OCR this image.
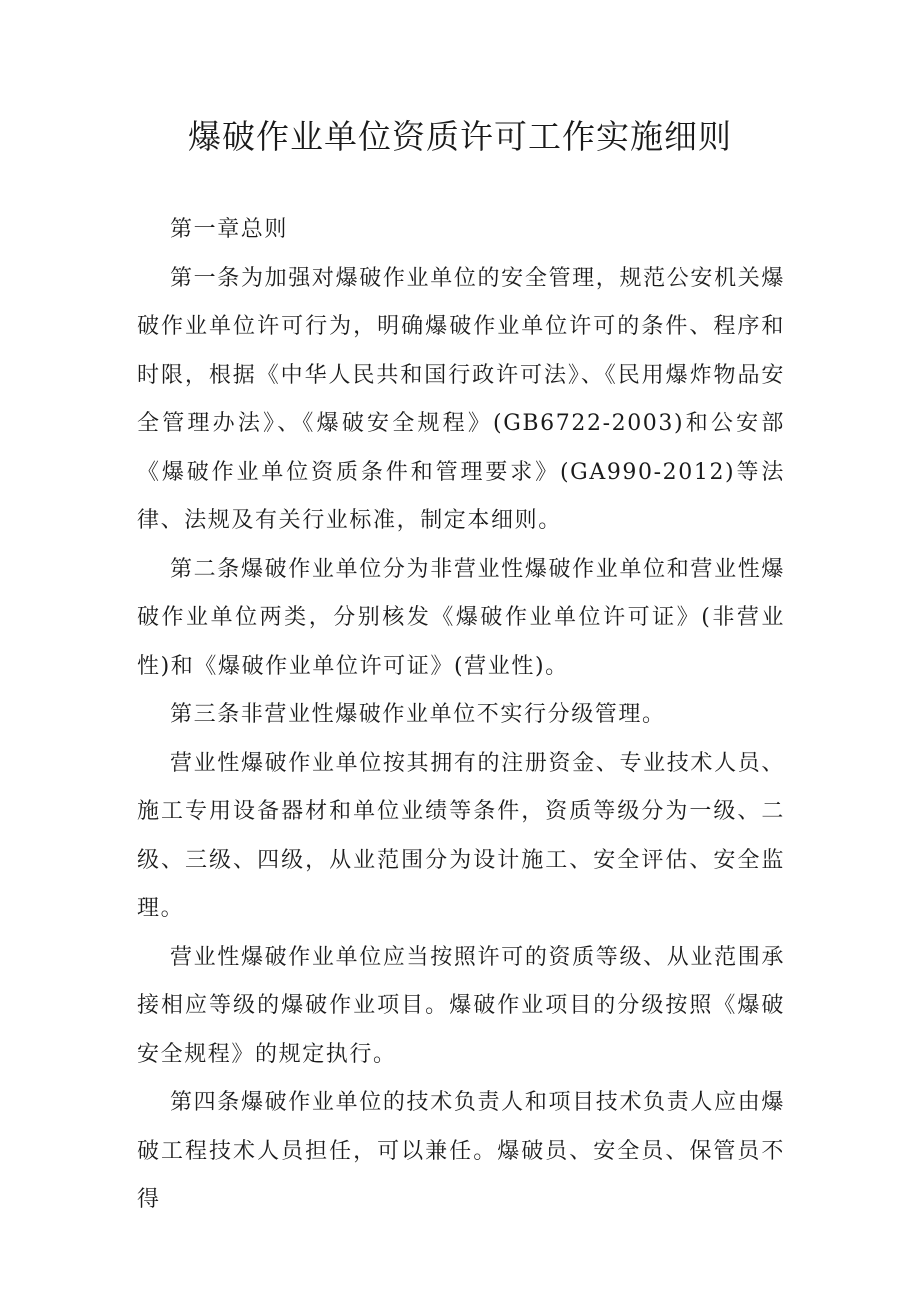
爆破作业单位资质许可工作实施细则

第一章总则

第一条为加强对爆破作业单位的安全管理，规范公安机关爆破作业单位许可行为，明确爆破作业单位许可的条件、程序和时限，根据《中华人民共和国行政许可法》、《民用爆炸物品安全管理办法》、《爆破安全规程》(GB6722-2003)和公安部《爆破作业单位资质条件和管理要求》(GA990-2012)等法律、法规及有关行业标准，制定本细则。

第二条爆破作业单位分为非营业性爆破作业单位和营业性爆破作业单位两类，分别核发《爆破作业单位许可证》(非营业性)和《爆破作业单位许可证》(营业性)。

第三条非营业性爆破作业单位不实行分级管理。

营业性爆破作业单位按其拥有的注册资金、专业技术人员、施工专用设备器材和单位业绩等条件，资质等级分为一级、二级、三级、四级，从业范围分为设计施工、安全评估、安全监理。

营业性爆破作业单位应当按照许可的资质等级、从业范围承接相应等级的爆破作业项目。爆破作业项目的分级按照《爆破安全规程》的规定执行。

第四条爆破作业单位的技术负责人和项目技术负责人应由爆破工程技术人员担任，可以兼任。爆破员、安全员、保管员不得
